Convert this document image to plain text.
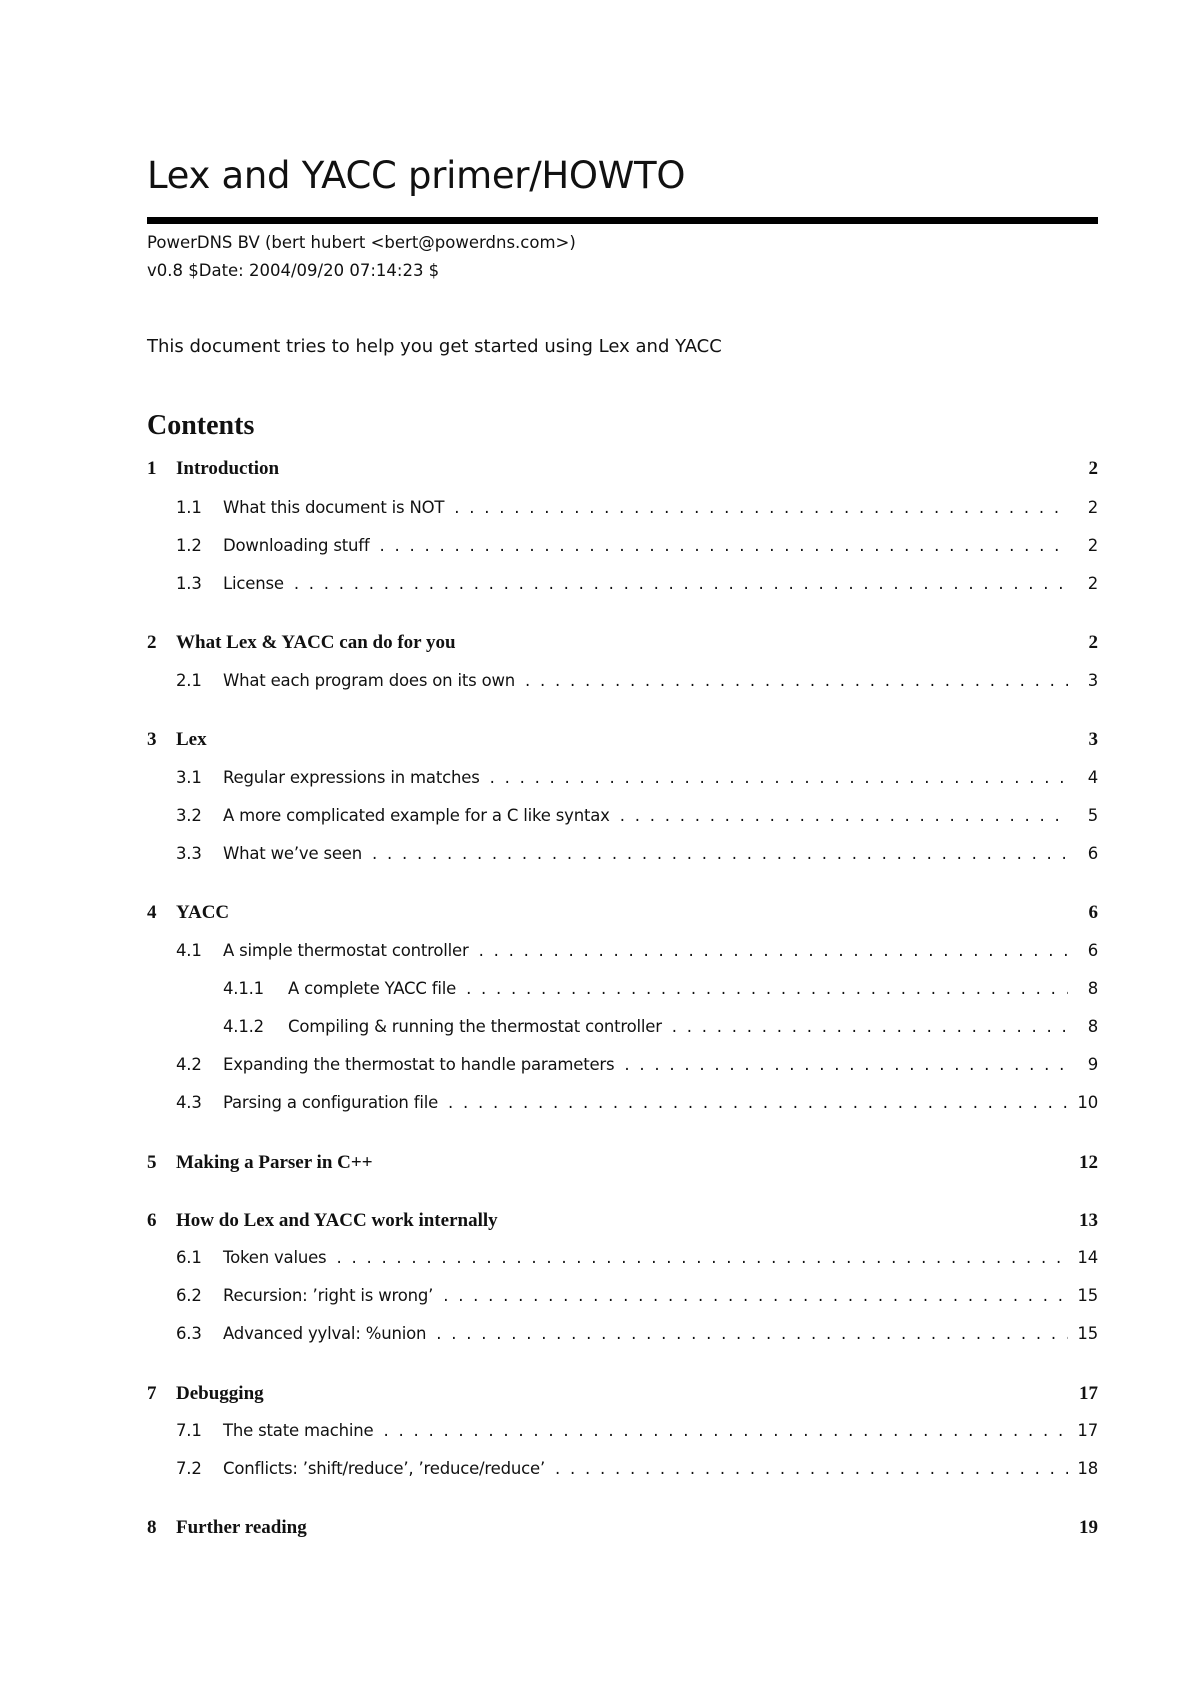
Lex and YACC primer/HOWTO
PowerDNS BV (bert hubert <bert@powerdns.com>)
v0.8 $Date: 2004/09/20 07:14:23 $
This document tries to help you get started using Lex and YACC
Contents
1	Introduction	2
1.1	What this document is NOT . . .	2
1.2	Downloading stuff . . .	2
1.3	License . . .	2
2	What Lex & YACC can do for you	2
2.1	What each program does on its own . . .	3
3	Lex	3
3.1	Regular expressions in matches . . .	4
3.2	A more complicated example for a C like syntax . . .	5
3.3	What we’ve seen . . .	6
4	YACC	6
4.1	A simple thermostat controller . . .	6
4.1.1	A complete YACC file . . .	8
4.1.2	Compiling & running the thermostat controller . . .	8
4.2	Expanding the thermostat to handle parameters . . .	9
4.3	Parsing a configuration file . . .	10
5	Making a Parser in C++	12
6	How do Lex and YACC work internally	13
6.1	Token values . . .	14
6.2	Recursion: ’right is wrong’ . . .	15
6.3	Advanced yylval: %union . . .	15
7	Debugging	17
7.1	The state machine . . .	17
7.2	Conflicts: ’shift/reduce’, ’reduce/reduce’ . . .	18
8	Further reading	19
